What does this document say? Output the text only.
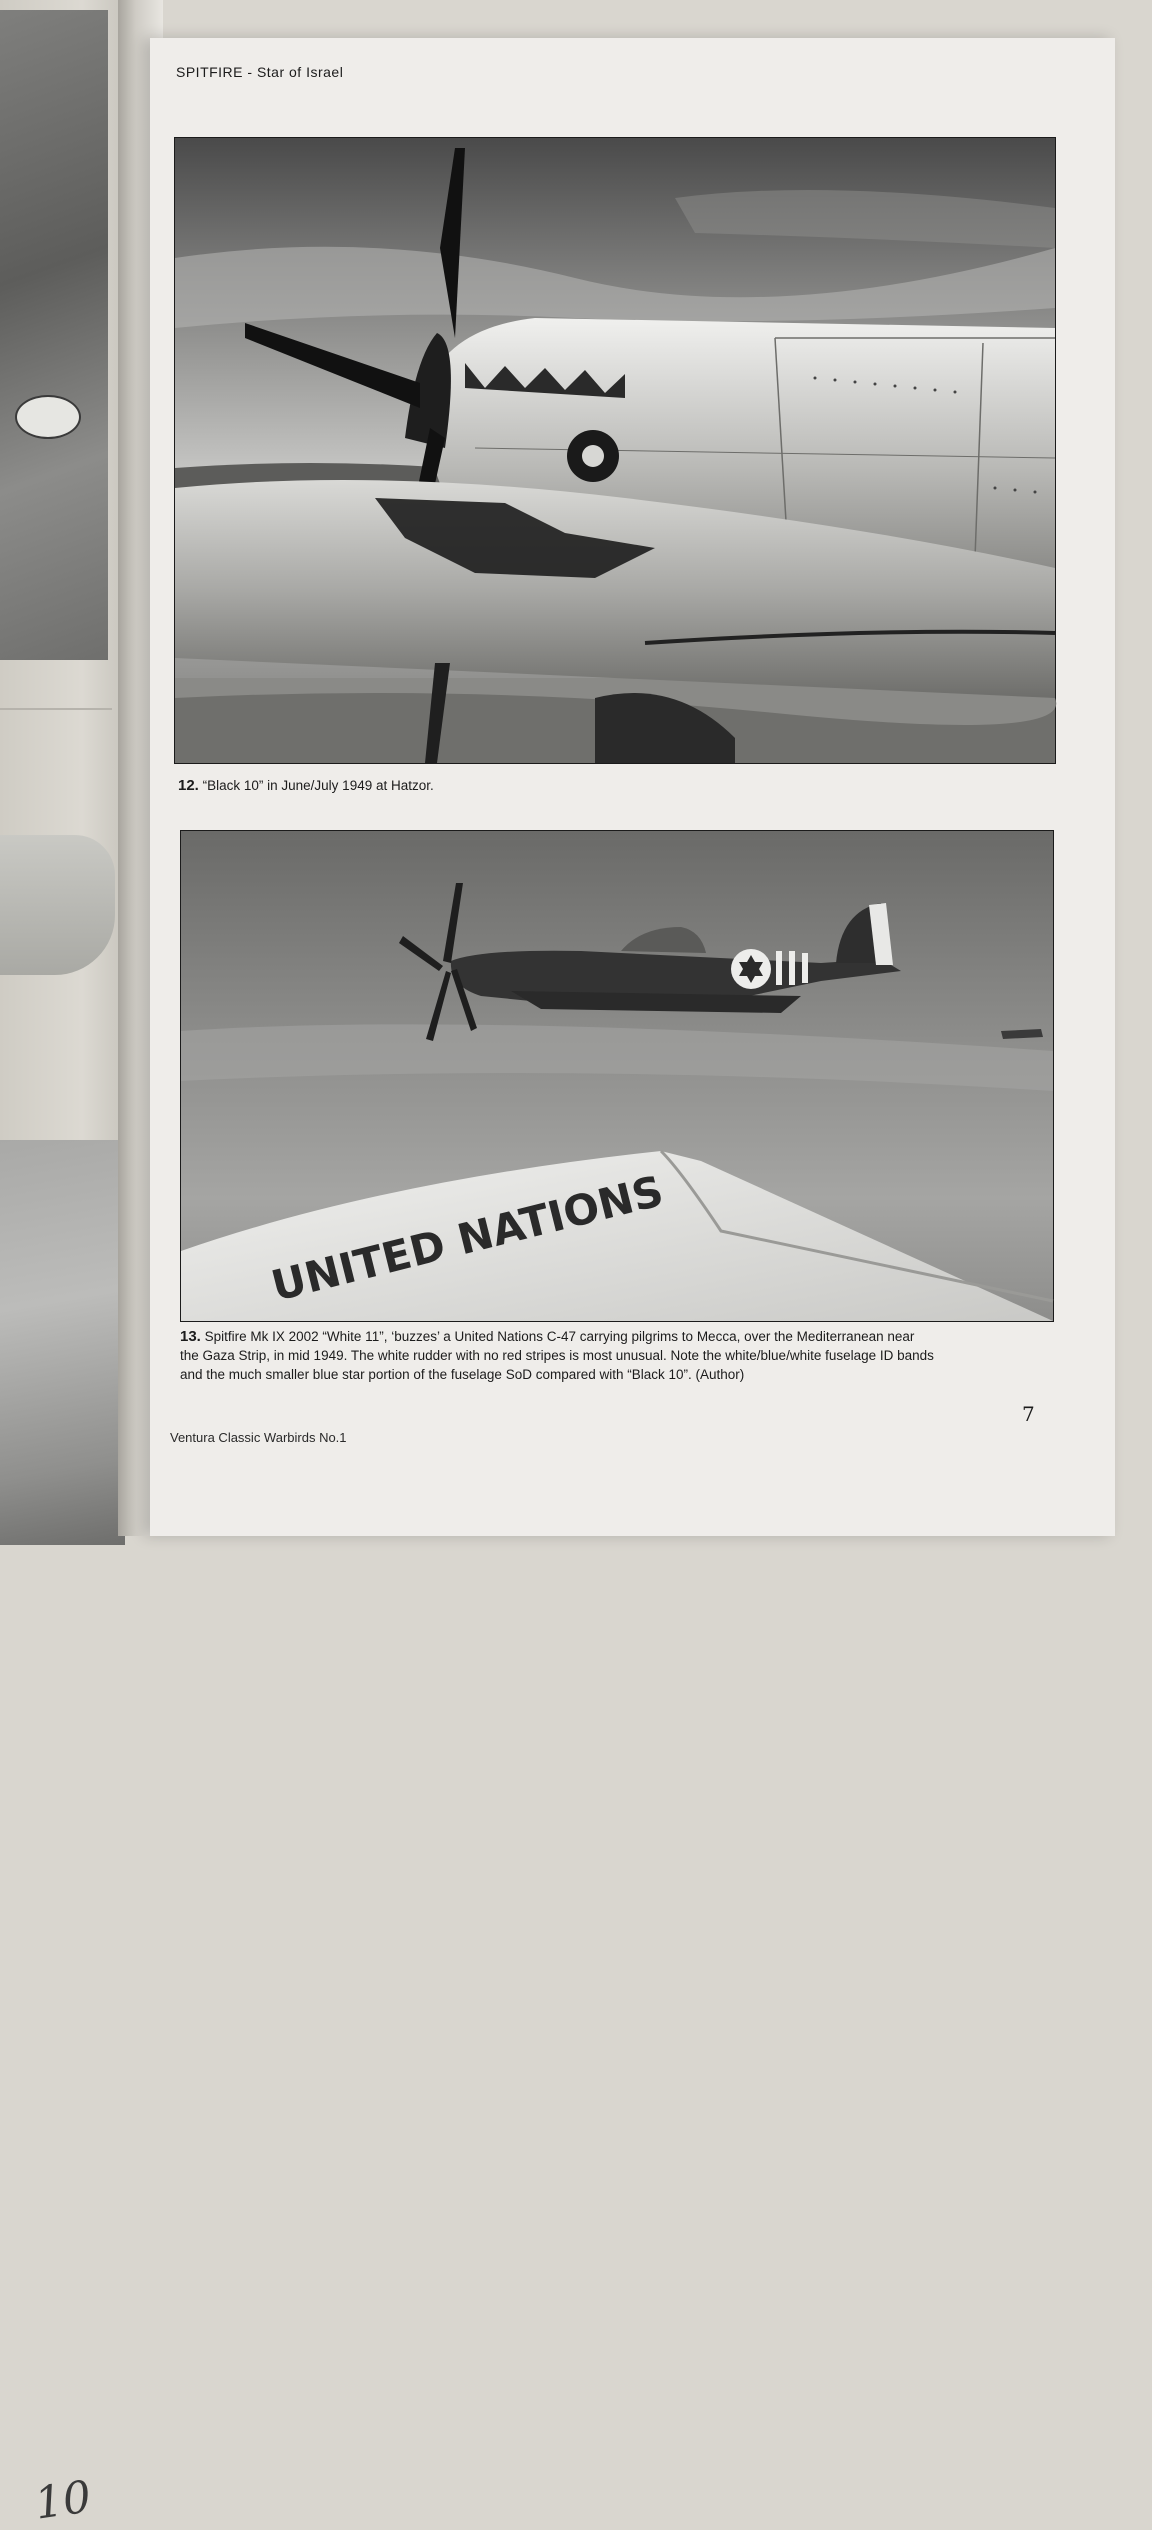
10
SPITFIRE - Star of Israel
12. “Black 10” in June/July 1949 at Hatzor.
UNITED NATIONS
13. Spitfire Mk IX 2002 “White 11”, ‘buzzes’ a United Nations C-47 carrying pilgrims to Mecca, over the Mediterranean near
the Gaza Strip, in mid 1949. The white rudder with no red stripes is most unusual. Note the white/blue/white fuselage ID bands
and the much smaller blue star portion of the fuselage SoD compared with “Black 10”. (Author)
Ventura Classic Warbirds No.1
7
